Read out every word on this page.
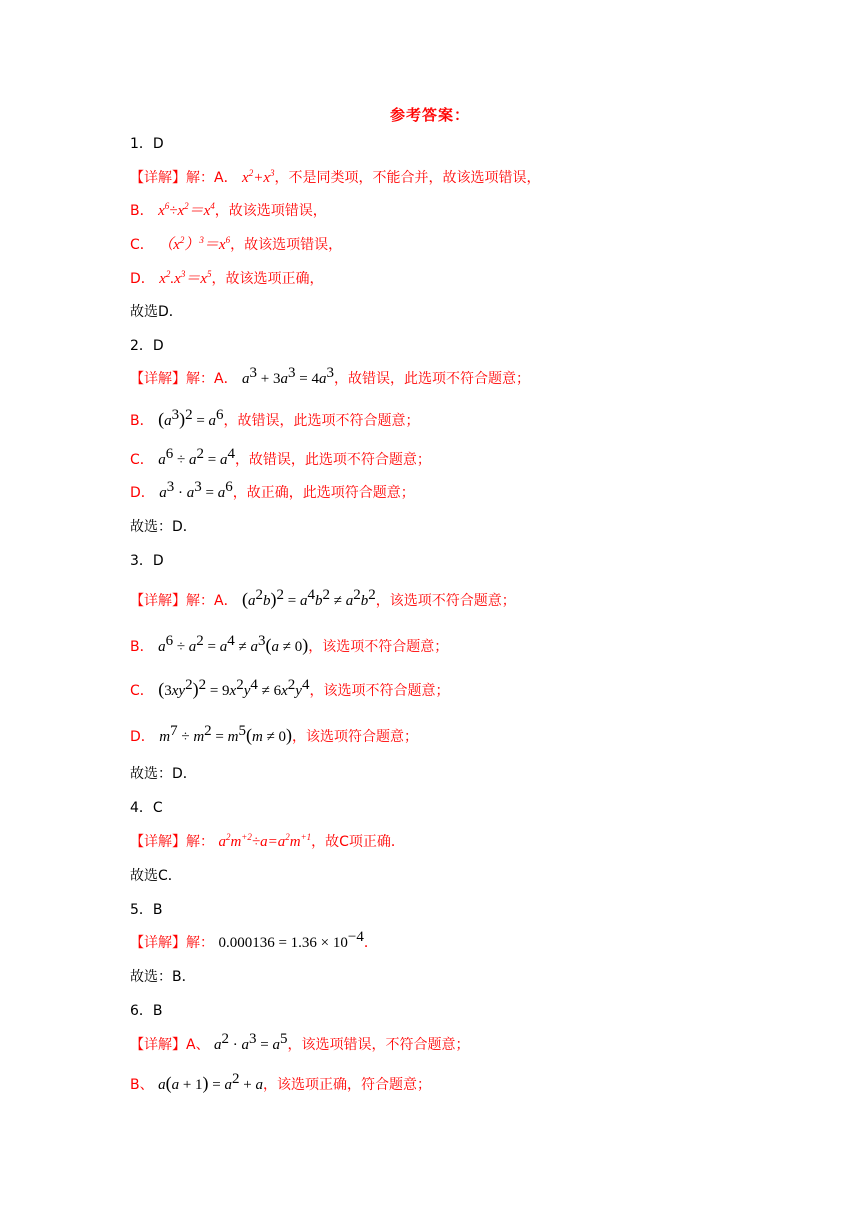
参考答案：
1．D
【详解】解：A． $x^2+x^3$，不是同类项，不能合并，故该选项错误，
B． $x^6\div x^2=x^4$，故该选项错误，
C． $(x^2)^3=x^6$，故该选项错误，
D． $x^2.x^3=x^5$，故该选项正确，
故选D．
2．D
【详解】解：A． $a^3 + 3a^3 = 4a^3$，故错误，此选项不符合题意；
B． $(a^3)^2 = a^6$，故错误，此选项不符合题意；
C． $a^6 \div a^2 = a^4$，故错误，此选项不符合题意；
D． $a^3 \cdot a^3 = a^6$，故正确，此选项符合题意；
故选：D．
3．D
【详解】解：A． $(a^2b)^2 = a^4b^2 \ne a^2b^2$，该选项不符合题意；
B． $a^6 \div a^2 = a^4 \ne a^3(a \ne 0)$，该选项不符合题意；
C． $(3xy^2)^2 = 9x^2y^4 \ne 6x^2y^4$，该选项不符合题意；
D． $m^7 \div m^2 = m^5(m \ne 0)$，该选项符合题意；
故选：D．
4．C
【详解】解： $a^2m^{+2}\div a=a^2m^{+1}$，故C项正确．
故选C．
5．B
【详解】解： $0.000136 = 1.36 \times 10^{-4}$．
故选：B．
6．B
【详解】A、 $a^2 \cdot a^3 = a^5$，该选项错误，不符合题意；
B、 $a(a + 1) = a^2 + a$，该选项正确，符合题意；
